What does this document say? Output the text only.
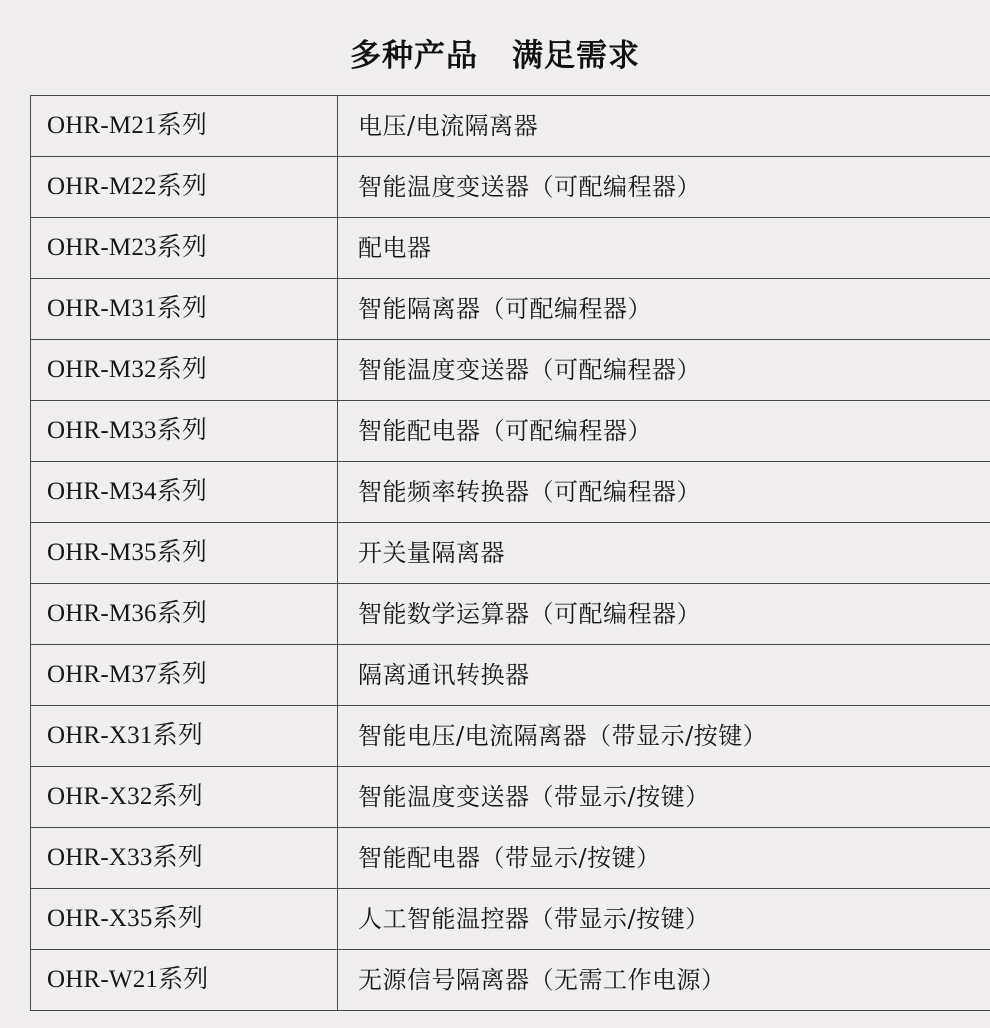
多种产品 满足需求
OHR-M21系列	电压/电流隔离器
OHR-M22系列	智能温度变送器（可配编程器）
OHR-M23系列	配电器
OHR-M31系列	智能隔离器（可配编程器）
OHR-M32系列	智能温度变送器（可配编程器）
OHR-M33系列	智能配电器（可配编程器）
OHR-M34系列	智能频率转换器（可配编程器）
OHR-M35系列	开关量隔离器
OHR-M36系列	智能数学运算器（可配编程器）
OHR-M37系列	隔离通讯转换器
OHR-X31系列	智能电压/电流隔离器（带显示/按键）
OHR-X32系列	智能温度变送器（带显示/按键）
OHR-X33系列	智能配电器（带显示/按键）
OHR-X35系列	人工智能温控器（带显示/按键）
OHR-W21系列	无源信号隔离器（无需工作电源）
